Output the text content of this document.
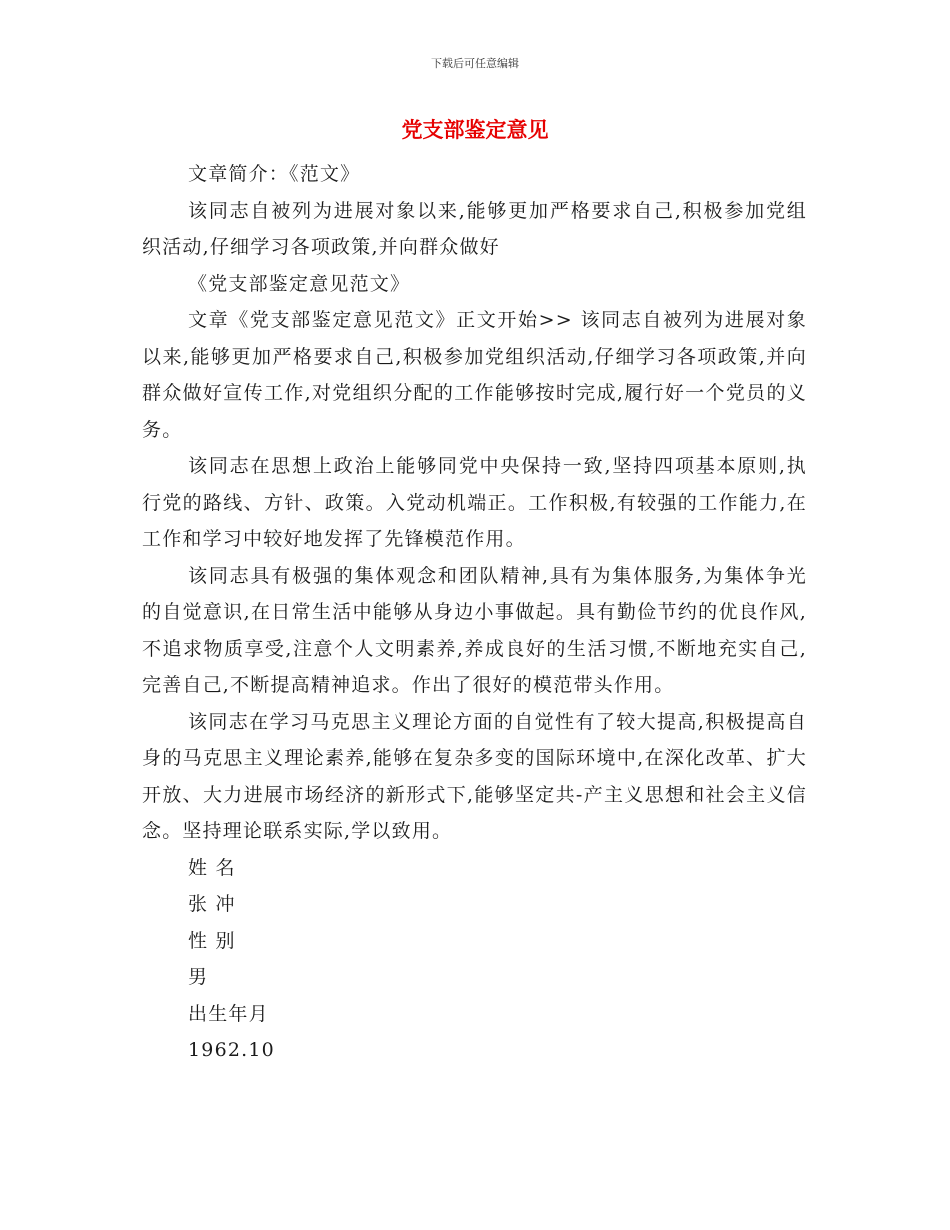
下载后可任意编辑
党支部鉴定意见

文章简介：《范文》

该同志自被列为进展对象以来,能够更加严格要求自己,积极参加党组织活动,仔细学习各项政策,并向群众做好

《党支部鉴定意见范文》

文章《党支部鉴定意见范文》正文开始>> 该同志自被列为进展对象以来,能够更加严格要求自己,积极参加党组织活动,仔细学习各项政策,并向群众做好宣传工作,对党组织分配的工作能够按时完成,履行好一个党员的义务。

该同志在思想上政治上能够同党中央保持一致,坚持四项基本原则,执行党的路线、方针、政策。入党动机端正。工作积极,有较强的工作能力,在工作和学习中较好地发挥了先锋模范作用。

该同志具有极强的集体观念和团队精神,具有为集体服务,为集体争光的自觉意识,在日常生活中能够从身边小事做起。具有勤俭节约的优良作风,不追求物质享受,注意个人文明素养,养成良好的生活习惯,不断地充实自己,完善自己,不断提高精神追求。作出了很好的模范带头作用。

该同志在学习马克思主义理论方面的自觉性有了较大提高,积极提高自身的马克思主义理论素养,能够在复杂多变的国际环境中,在深化改革、扩大开放、大力进展市场经济的新形式下,能够坚定共-产主义思想和社会主义信念。坚持理论联系实际,学以致用。

姓 名

张 冲

性 别

男

出生年月

1962.10
